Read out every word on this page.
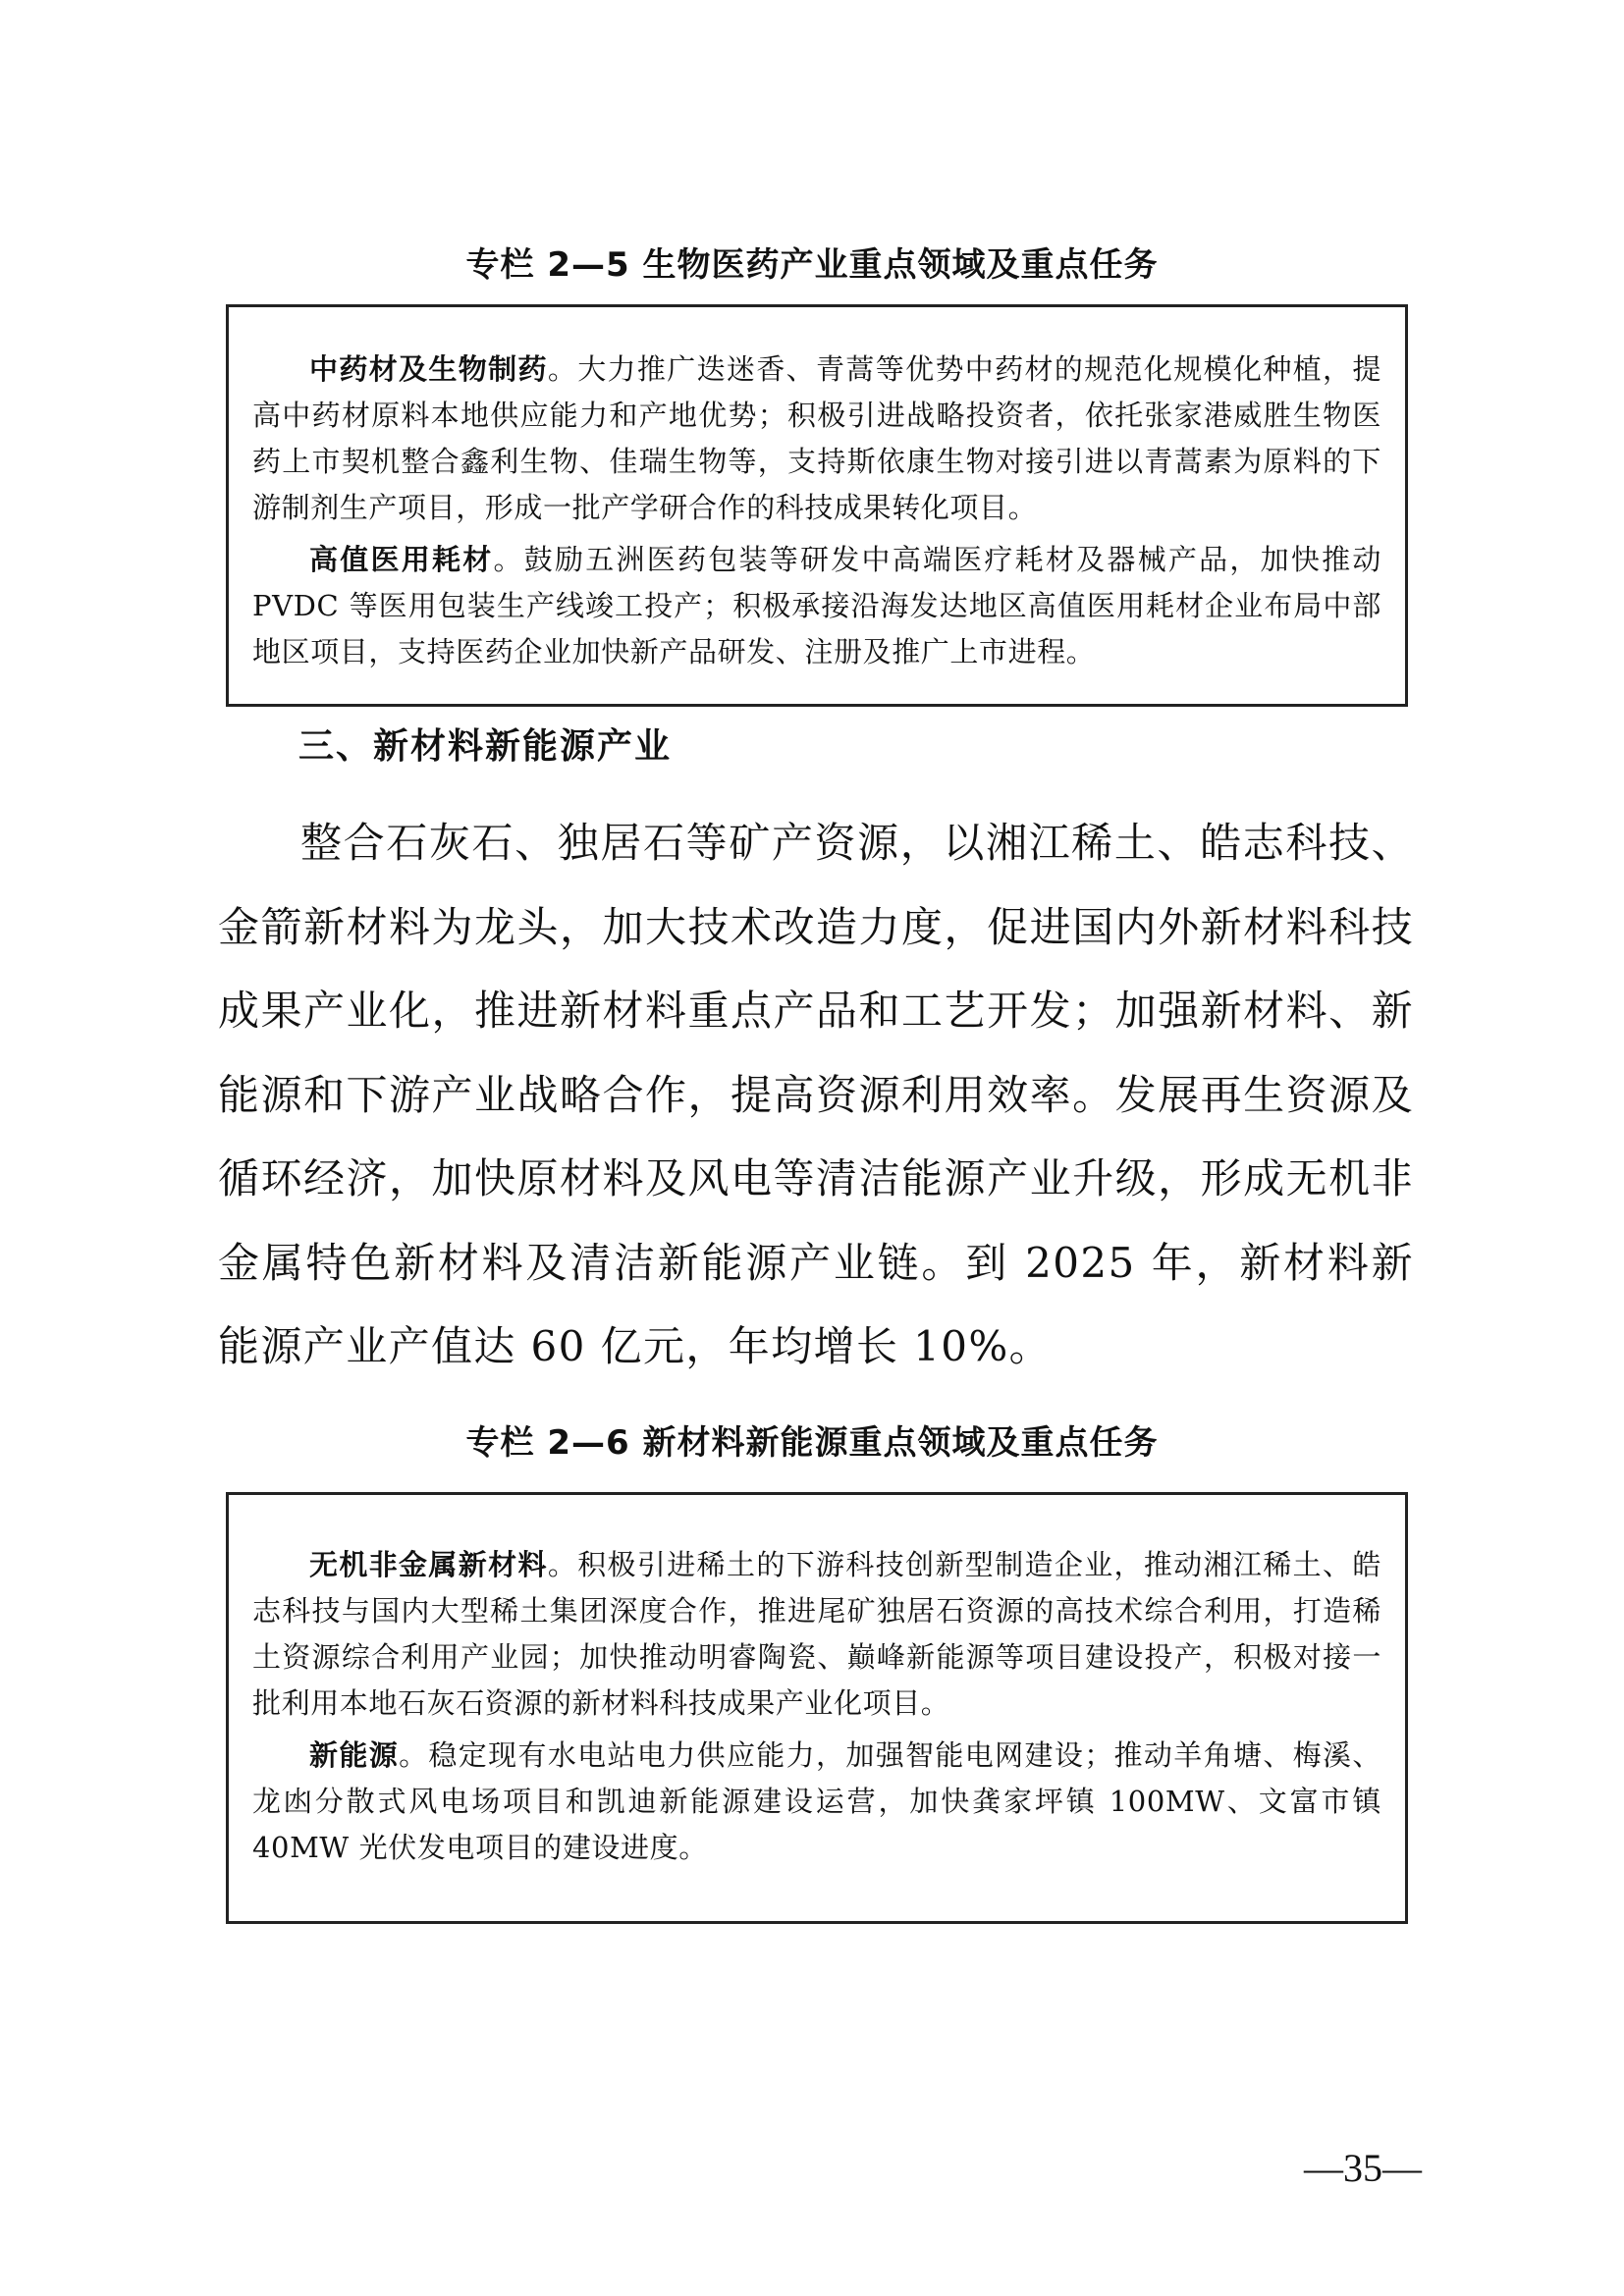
专栏 2—5 生物医药产业重点领域及重点任务

中药材及生物制药。大力推广迭迷香、青蒿等优势中药材的规范化规模化种植，提高中药材原料本地供应能力和产地优势；积极引进战略投资者，依托张家港威胜生物医药上市契机整合鑫利生物、佳瑞生物等，支持斯依康生物对接引进以青蒿素为原料的下游制剂生产项目，形成一批产学研合作的科技成果转化项目。

高值医用耗材。鼓励五洲医药包装等研发中高端医疗耗材及器械产品，加快推动 PVDC 等医用包装生产线竣工投产；积极承接沿海发达地区高值医用耗材企业布局中部地区项目，支持医药企业加快新产品研发、注册及推广上市进程。

三、新材料新能源产业

整合石灰石、独居石等矿产资源，以湘江稀土、皓志科技、金箭新材料为龙头，加大技术改造力度，促进国内外新材料科技成果产业化，推进新材料重点产品和工艺开发；加强新材料、新能源和下游产业战略合作，提高资源利用效率。发展再生资源及循环经济，加快原材料及风电等清洁能源产业升级，形成无机非金属特色新材料及清洁新能源产业链。到 2025 年，新材料新能源产业产值达 60 亿元，年均增长 10%。

专栏 2—6 新材料新能源重点领域及重点任务

无机非金属新材料。积极引进稀土的下游科技创新型制造企业，推动湘江稀土、皓志科技与国内大型稀土集团深度合作，推进尾矿独居石资源的高技术综合利用，打造稀土资源综合利用产业园；加快推动明睿陶瓷、巅峰新能源等项目建设投产，积极对接一批利用本地石灰石资源的新材料科技成果产业化项目。

新能源。稳定现有水电站电力供应能力，加强智能电网建设；推动羊角塘、梅溪、龙凼分散式风电场项目和凯迪新能源建设运营，加快龚家坪镇 100MW、文富市镇 40MW 光伏发电项目的建设进度。

—35—
